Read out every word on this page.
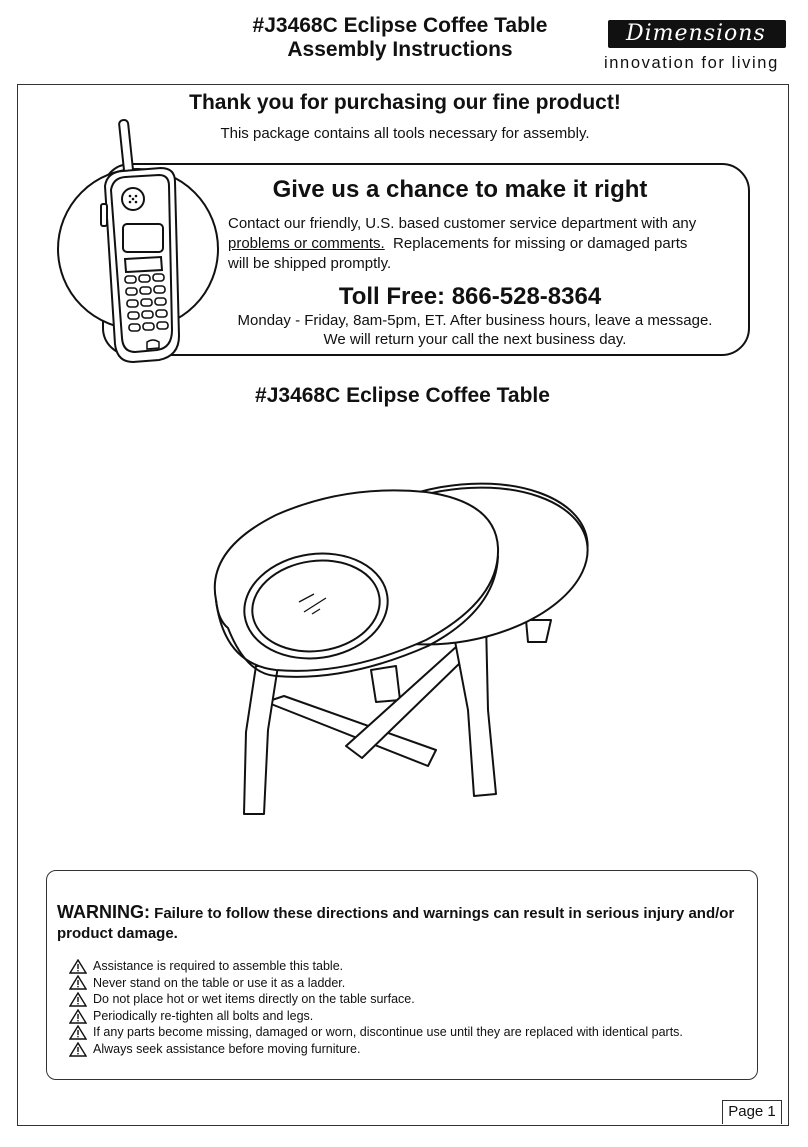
#J3468C Eclipse Coffee Table
Assembly Instructions
Dimensions
innovation for living
Thank you for purchasing our fine product!
This package contains all tools necessary for assembly.
Give us a chance to make it right
Contact our friendly, U.S. based customer service department with any
problems or comments.  Replacements for missing or damaged parts
will be shipped promptly.
Toll Free: 866-528-8364
Monday - Friday, 8am-5pm, ET. After business hours, leave a message.
We will return your call the next business day.
#J3468C Eclipse Coffee Table
WARNING: Failure to follow these directions and warnings can result in serious injury and/or product damage.
Assistance is required to assemble this table.
Never stand on the table or use it as a ladder.
Do not place hot or wet items directly on the table surface.
Periodically re-tighten all bolts and legs.
If any parts become missing, damaged or worn, discontinue use until they are replaced with identical parts.
Always seek assistance before moving furniture.
Page 1
